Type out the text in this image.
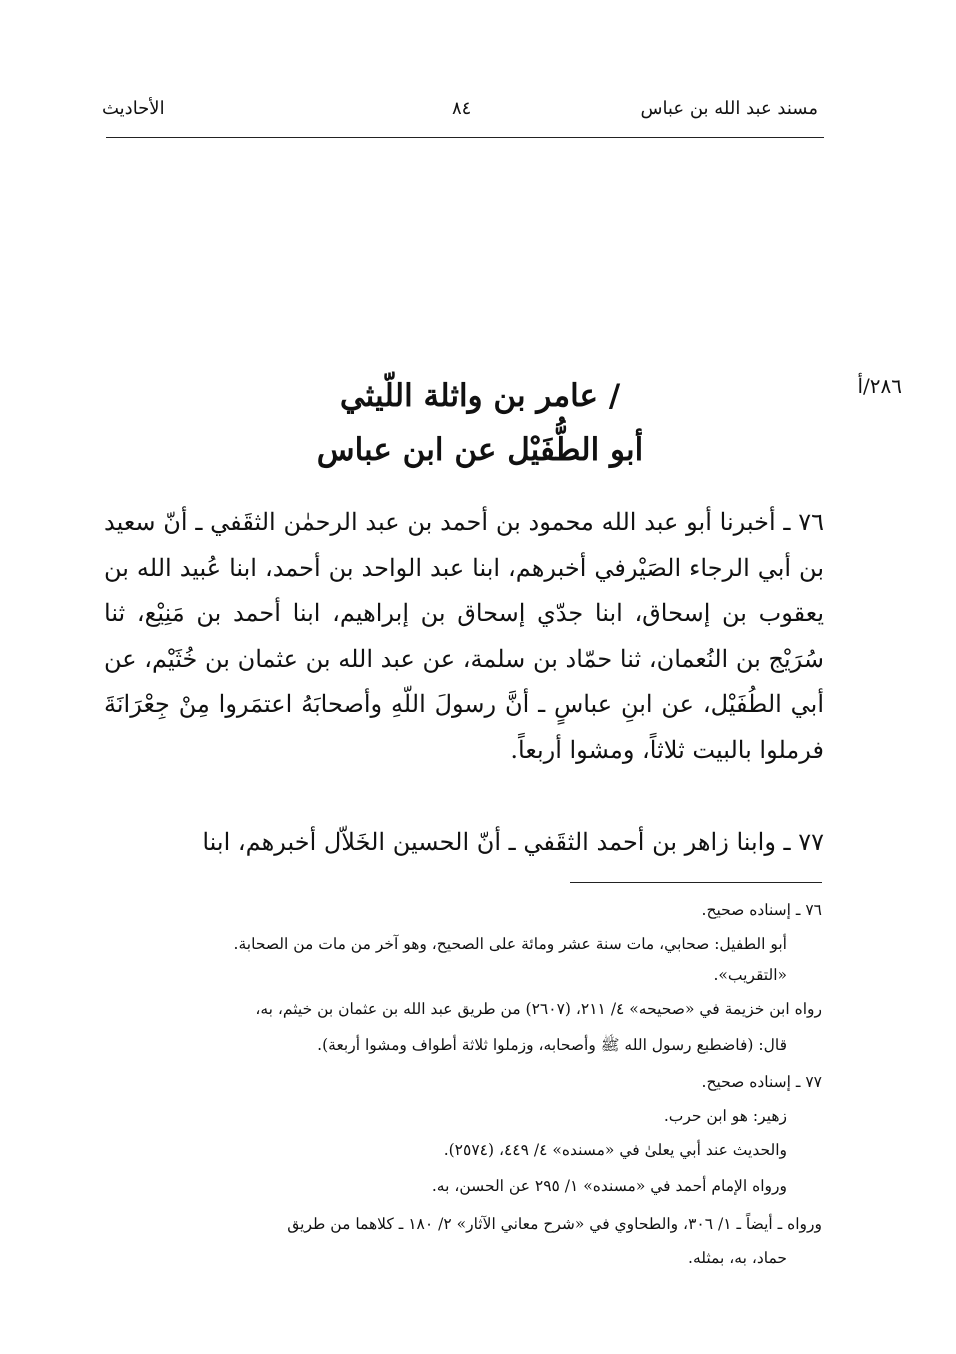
مسند عبد الله بن عباس
٨٤
الأحاديث
٢٨٦/أ
/ عامر بن واثلة اللّيثي
أبو الطُّفَيْل عن ابن عباس
٧٦ ـ أخبرنا أبو عبد الله محمود بن أحمد بن عبد الرحمٰن الثقَفي ـ أنّ سعيد بن أبي الرجاء الصَيْرفي أخبرهم، ابنا عبد الواحد بن أحمد، ابنا عُبيد الله بن يعقوب بن إسحاق، ابنا جدّي إسحاق بن إبراهيم، ابنا أحمد بن مَنِيْع، ثنا سُرَيْج بن النُعمان، ثنا حمّاد بن سلمة، عن عبد الله بن عثمان بن خُثَيْم، عن أبي الطُفَيْل، عن ابنِ عباسٍ ـ أنَّ رسولَ اللّهِ وأصحابَهُ اعتمَروا مِنْ جِعْرَانَةَ فرملوا بالبيت ثلاثاً، ومشوا أربعاً.
٧٧ ـ وابنا زاهر بن أحمد الثقَفي ـ أنّ الحسين الخَلاّل أخبرهم، ابنا
٧٦ ـ إسناده صحيح.
أبو الطفيل: صحابي، مات سنة عشر ومائة على الصحيح، وهو آخر من مات من الصحابة.
«التقريب».
رواه ابن خزيمة في «صحيحه» ٤/ ٢١١، (٢٦٠٧) من طريق عبد الله بن عثمان بن خيثم، به،
قال: (فاضطبع رسول الله ﷺ وأصحابه، وزملوا ثلاثة أطواف ومشوا أربعة).
٧٧ ـ إسناده صحيح.
زهير: هو ابن حرب.
والحديث عند أبي يعلىٰ في «مسنده» ٤/ ٤٤٩، (٢٥٧٤).
ورواه الإمام أحمد في «مسنده» ١/ ٢٩٥ عن الحسن، به.
ورواه ـ أيضاً ـ ١/ ٣٠٦، والطحاوي في «شرح معاني الآثار» ٢/ ١٨٠ ـ كلاهما من طريق
حماد، به، بمثله.
